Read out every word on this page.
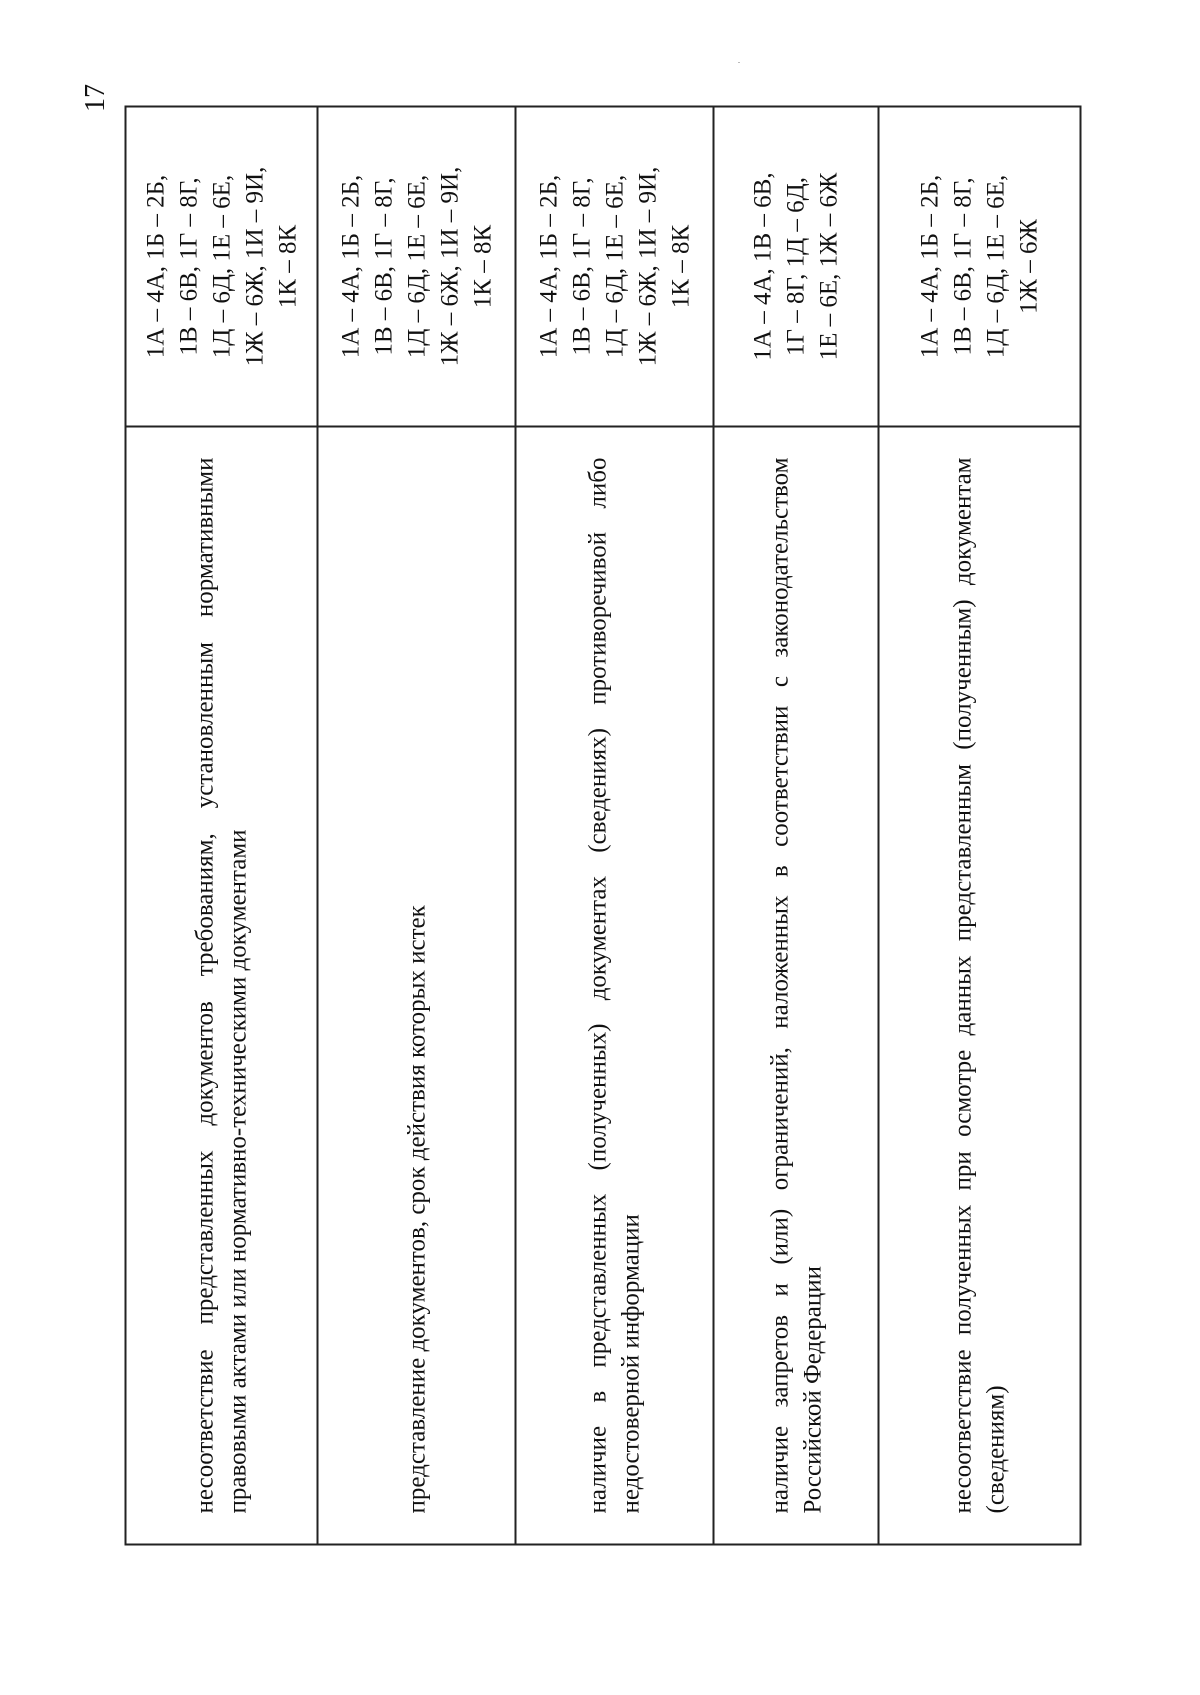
17
несоответствие представленных документов требованиям, установленным нормативными правовыми актами или нормативно-техническими документами	1А – 4А, 1Б – 2Б, 1В – 6В, 1Г – 8Г, 1Д – 6Д, 1Е – 6Е, 1Ж – 6Ж, 1И – 9И, 1К – 8К

представление документов, срок действия которых истек	1А – 4А, 1Б – 2Б, 1В – 6В, 1Г – 8Г, 1Д – 6Д, 1Е – 6Е, 1Ж – 6Ж, 1И – 9И, 1К – 8К

наличие в представленных (полученных) документах (сведениях) противоречивой либо недостоверной информации	1А – 4А, 1Б – 2Б, 1В – 6В, 1Г – 8Г, 1Д – 6Д, 1Е – 6Е, 1Ж – 6Ж, 1И – 9И, 1К – 8К

наличие запретов и (или) ограничений, наложенных в соответствии с законодательством Российской Федерации	1А – 4А, 1В – 6В, 1Г – 8Г, 1Д – 6Д, 1Е – 6Е, 1Ж – 6Ж

несоответствие полученных при осмотре данных представленным (полученным) документам (сведениям)	1А – 4А, 1Б – 2Б, 1В – 6В, 1Г – 8Г, 1Д – 6Д, 1Е – 6Е, 1Ж – 6Ж
